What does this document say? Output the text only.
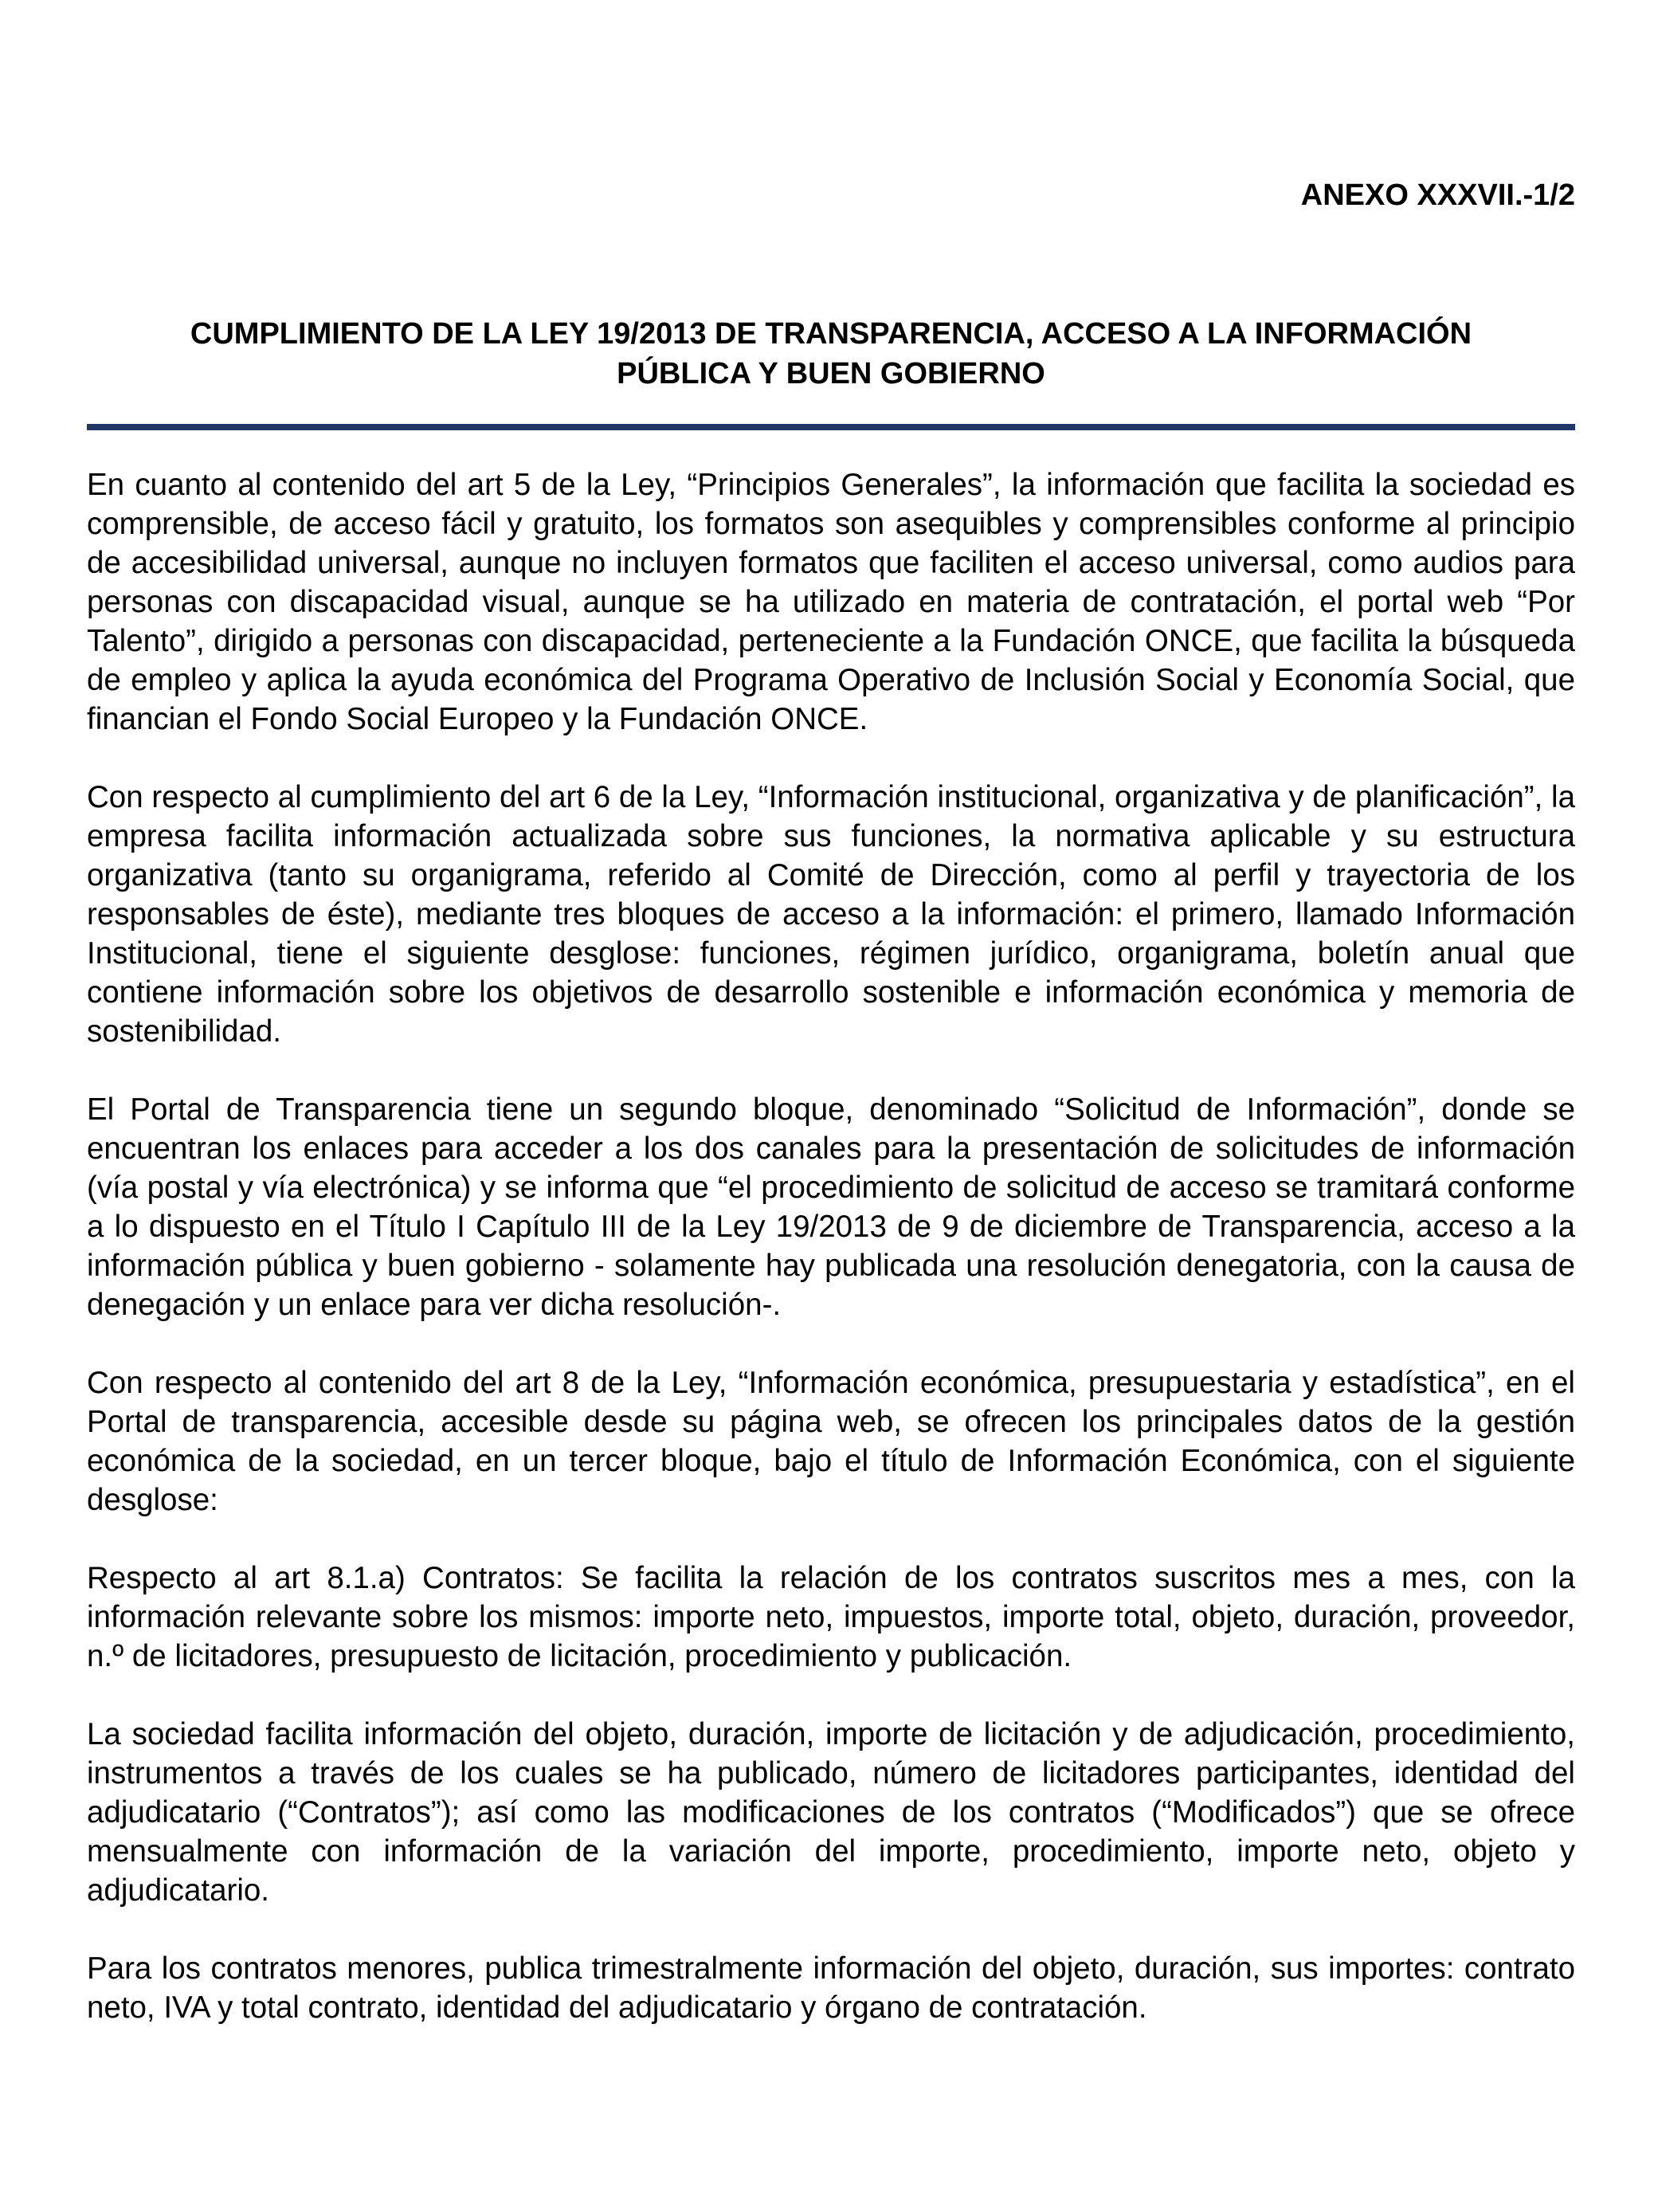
ANEXO XXXVII.-1/2
CUMPLIMIENTO DE LA LEY 19/2013 DE TRANSPARENCIA, ACCESO A LA INFORMACIÓN
PÚBLICA Y BUEN GOBIERNO

En cuanto al contenido del art 5 de la Ley, “Principios Generales”, la información que facilita la sociedad es comprensible, de acceso fácil y gratuito, los formatos son asequibles y comprensibles conforme al principio de accesibilidad universal, aunque no incluyen formatos que faciliten el acceso universal, como audios para personas con discapacidad visual, aunque se ha utilizado en materia de contratación, el portal web “Por Talento”, dirigido a personas con discapacidad, perteneciente a la Fundación ONCE, que facilita la búsqueda de empleo y aplica la ayuda económica del Programa Operativo de Inclusión Social y Economía Social, que financian el Fondo Social Europeo y la Fundación ONCE.

Con respecto al cumplimiento del art 6 de la Ley, “Información institucional, organizativa y de planificación”, la empresa facilita información actualizada sobre sus funciones, la normativa aplicable y su estructura organizativa (tanto su organigrama, referido al Comité de Dirección, como al perfil y trayectoria de los responsables de éste), mediante tres bloques de acceso a la información: el primero, llamado Información Institucional, tiene el siguiente desglose: funciones, régimen jurídico, organigrama, boletín anual que contiene información sobre los objetivos de desarrollo sostenible e información económica y memoria de sostenibilidad.

El Portal de Transparencia tiene un segundo bloque, denominado “Solicitud de Información”, donde se encuentran los enlaces para acceder a los dos canales para la presentación de solicitudes de información (vía postal y vía electrónica) y se informa que “el procedimiento de solicitud de acceso se tramitará conforme a lo dispuesto en el Título I Capítulo III de la Ley 19/2013 de 9 de diciembre de Transparencia, acceso a la información pública y buen gobierno - solamente hay publicada una resolución denegatoria, con la causa de denegación y un enlace para ver dicha resolución-.

Con respecto al contenido del art 8 de la Ley, “Información económica, presupuestaria y estadística”, en el Portal de transparencia, accesible desde su página web, se ofrecen los principales datos de la gestión económica de la sociedad, en un tercer bloque, bajo el título de Información Económica, con el siguiente desglose:

Respecto al art 8.1.a) Contratos: Se facilita la relación de los contratos suscritos mes a mes, con la información relevante sobre los mismos: importe neto, impuestos, importe total, objeto, duración, proveedor, n.º de licitadores, presupuesto de licitación, procedimiento y publicación.

La sociedad facilita información del objeto, duración, importe de licitación y de adjudicación, procedimiento, instrumentos a través de los cuales se ha publicado, número de licitadores participantes, identidad del adjudicatario (“Contratos”); así como las modificaciones de los contratos (“Modificados”) que se ofrece mensualmente con información de la variación del importe, procedimiento, importe neto, objeto y adjudicatario.

Para los contratos menores, publica trimestralmente información del objeto, duración, sus importes: contrato neto, IVA y total contrato, identidad del adjudicatario y órgano de contratación.
